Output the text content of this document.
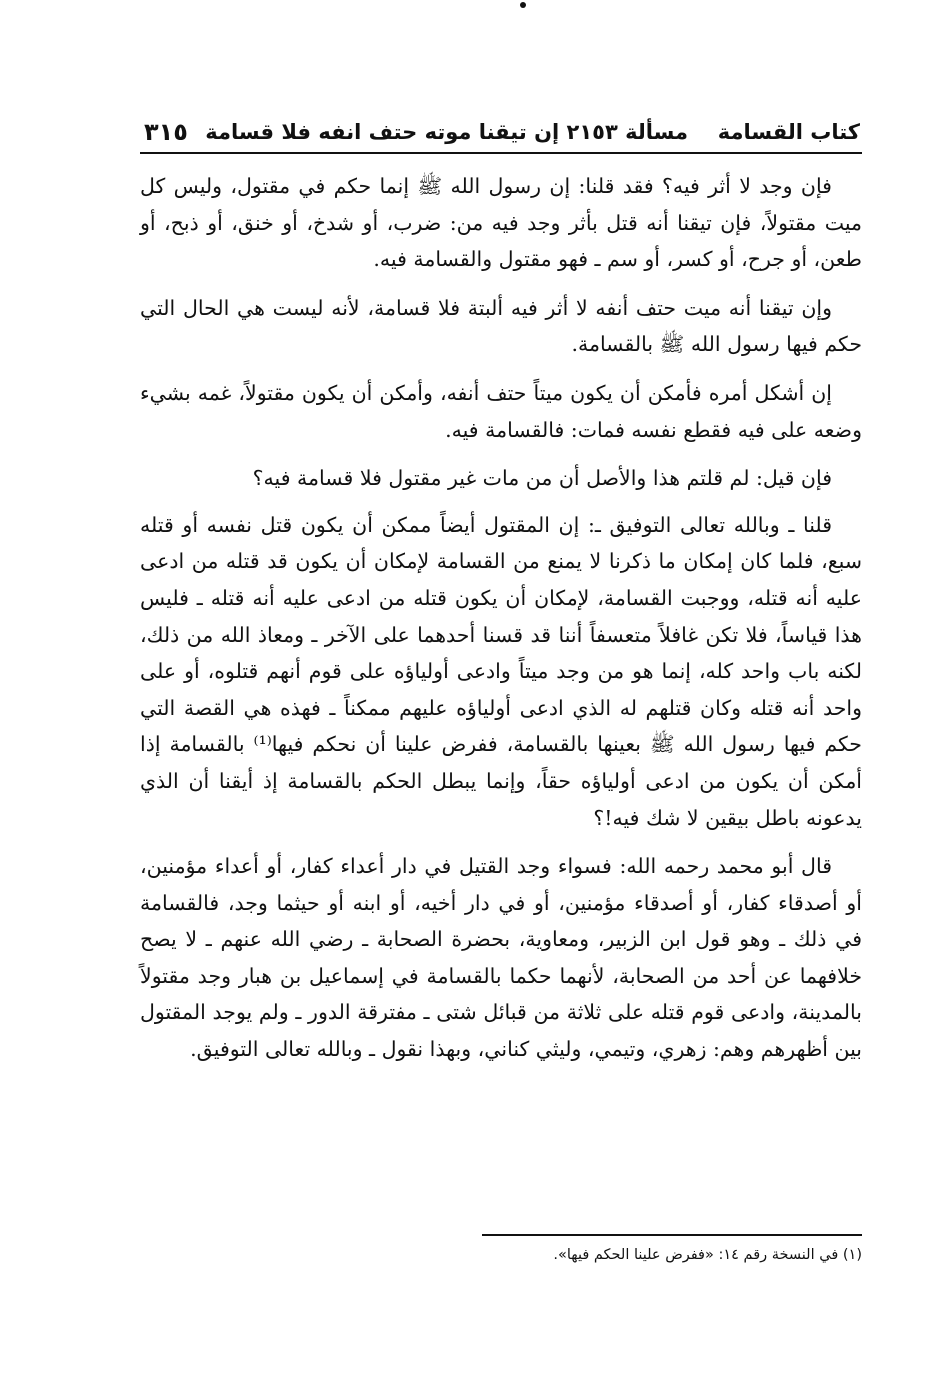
كتاب القسامة
مسألة ٢١٥٣ إن تيقنا موته حتف انفه فلا قسامة
٣١٥

فإن وجد لا أثر فيه؟ فقد قلنا: إن رسول الله ﷺ إنما حكم في مقتول، وليس كل ميت مقتولاً، فإن تيقنا أنه قتل بأثر وجد فيه من: ضرب، أو شدخ، أو خنق، أو ذبح، أو طعن، أو جرح، أو كسر، أو سم ـ فهو مقتول والقسامة فيه.

وإن تيقنا أنه ميت حتف أنفه لا أثر فيه ألبتة فلا قسامة، لأنه ليست هي الحال التي حكم فيها رسول الله ﷺ بالقسامة.

إن أشكل أمره فأمكن أن يكون ميتاً حتف أنفه، وأمكن أن يكون مقتولاً، غمه بشيء وضعه على فيه فقطع نفسه فمات: فالقسامة فيه.

فإن قيل: لم قلتم هذا والأصل أن من مات غير مقتول فلا قسامة فيه؟

قلنا ـ وبالله تعالى التوفيق ـ: إن المقتول أيضاً ممكن أن يكون قتل نفسه أو قتله سبع، فلما كان إمكان ما ذكرنا لا يمنع من القسامة لإمكان أن يكون قد قتله من ادعى عليه أنه قتله، ووجبت القسامة، لإمكان أن يكون قتله من ادعى عليه أنه قتله ـ فليس هذا قياساً، فلا تكن غافلاً متعسفاً أننا قد قسنا أحدهما على الآخر ـ ومعاذ الله من ذلك، لكنه باب واحد كله، إنما هو من وجد ميتاً وادعى أولياؤه على قوم أنهم قتلوه، أو على واحد أنه قتله وكان قتلهم له الذي ادعى أولياؤه عليهم ممكناً ـ فهذه هي القصة التي حكم فيها رسول الله ﷺ بعينها بالقسامة، ففرض علينا أن نحكم فيها⁽¹⁾ بالقسامة إذا أمكن أن يكون من ادعى أولياؤه حقاً، وإنما يبطل الحكم بالقسامة إذ أيقنا أن الذي يدعونه باطل بيقين لا شك فيه!؟

قال أبو محمد رحمه الله: فسواء وجد القتيل في دار أعداء كفار، أو أعداء مؤمنين، أو أصدقاء كفار، أو أصدقاء مؤمنين، أو في دار أخيه، أو ابنه أو حيثما وجد، فالقسامة في ذلك ـ وهو قول ابن الزبير، ومعاوية، بحضرة الصحابة ـ رضي الله عنهم ـ لا يصح خلافهما عن أحد من الصحابة، لأنهما حكما بالقسامة في إسماعيل بن هبار وجد مقتولاً بالمدينة، وادعى قوم قتله على ثلاثة من قبائل شتى ـ مفترقة الدور ـ ولم يوجد المقتول بين أظهرهم وهم: زهري، وتيمي، وليثي كناني، وبهذا نقول ـ وبالله تعالى التوفيق.

(١) في النسخة رقم ١٤: «ففرض علينا الحكم فيها».
